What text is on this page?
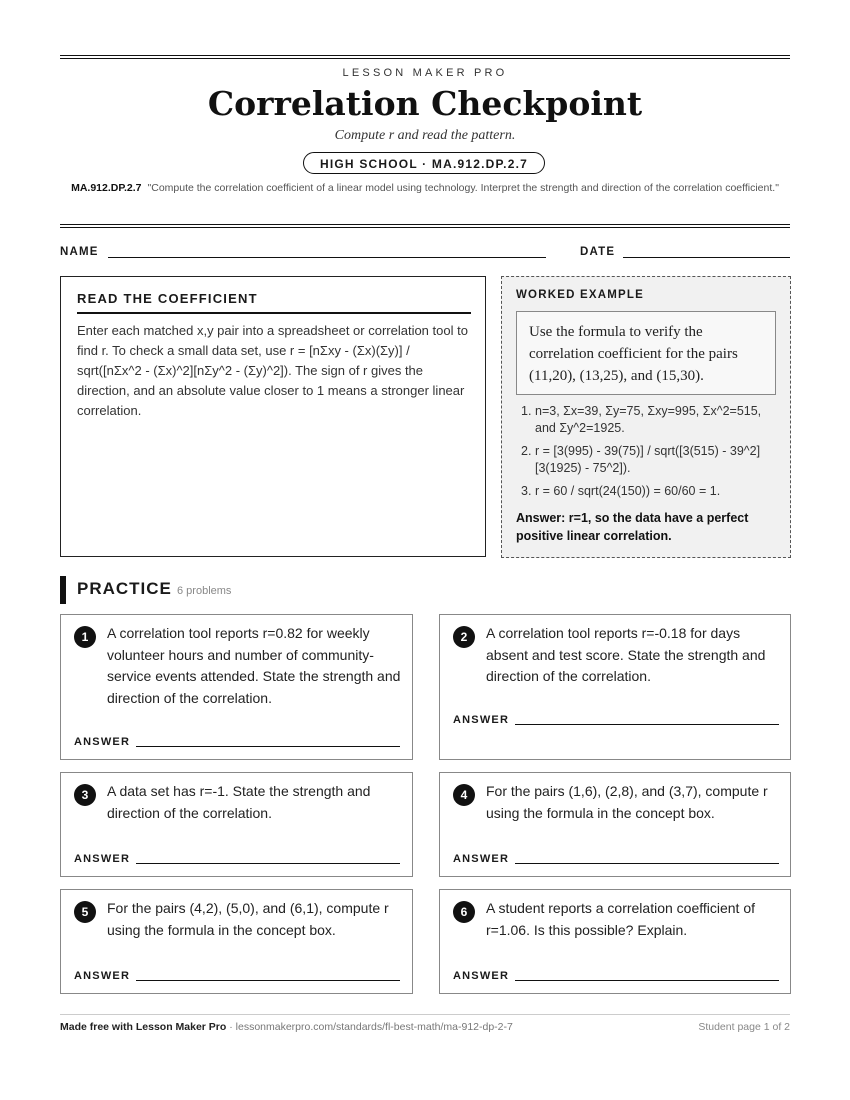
LESSON MAKER PRO
Correlation Checkpoint
Compute r and read the pattern.
HIGH SCHOOL · MA.912.DP.2.7
MA.912.DP.2.7 "Compute the correlation coefficient of a linear model using technology. Interpret the strength and direction of the correlation coefficient."
NAME	DATE
READ THE COEFFICIENT
Enter each matched x,y pair into a spreadsheet or correlation tool to find r. To check a small data set, use r = [nΣxy - (Σx)(Σy)] / sqrt([nΣx^2 - (Σx)^2][nΣy^2 - (Σy)^2]). The sign of r gives the direction, and an absolute value closer to 1 means a stronger linear correlation.
WORKED EXAMPLE
Use the formula to verify the correlation coefficient for the pairs (11,20), (13,25), and (15,30).
1. n=3, Σx=39, Σy=75, Σxy=995, Σx^2=515, and Σy^2=1925.
2. r = [3(995) - 39(75)] / sqrt([3(515) - 39^2][3(1925) - 75^2]).
3. r = 60 / sqrt(24(150)) = 60/60 = 1.
Answer: r=1, so the data have a perfect positive linear correlation.
PRACTICE 6 problems
1	A correlation tool reports r=0.82 for weekly volunteer hours and number of community-service events attended. State the strength and direction of the correlation.
ANSWER
2	A correlation tool reports r=-0.18 for days absent and test score. State the strength and direction of the correlation.
ANSWER
3	A data set has r=-1. State the strength and direction of the correlation.
ANSWER
4	For the pairs (1,6), (2,8), and (3,7), compute r using the formula in the concept box.
ANSWER
5	For the pairs (4,2), (5,0), and (6,1), compute r using the formula in the concept box.
ANSWER
6	A student reports a correlation coefficient of r=1.06. Is this possible? Explain.
ANSWER
Made free with Lesson Maker Pro · lessonmakerpro.com/standards/fl-best-math/ma-912-dp-2-7	Student page 1 of 2
